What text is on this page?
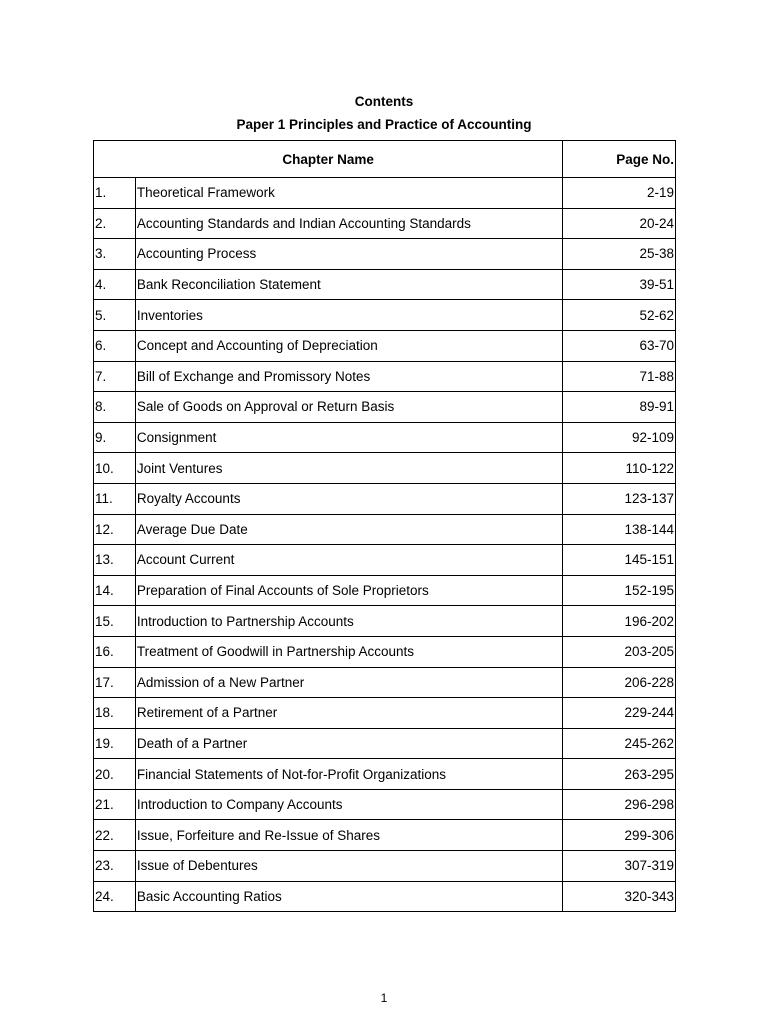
Contents
Paper 1 Principles and Practice of Accounting
Chapter Name		Page No.
1.	Theoretical Framework	2-19
2.	Accounting Standards and Indian Accounting Standards	20-24
3.	Accounting Process	25-38
4.	Bank Reconciliation Statement	39-51
5.	Inventories	52-62
6.	Concept and Accounting of Depreciation	63-70
7.	Bill of Exchange and Promissory Notes	71-88
8.	Sale of Goods on Approval or Return Basis	89-91
9.	Consignment	92-109
10.	Joint Ventures	110-122
11.	Royalty Accounts	123-137
12.	Average Due Date	138-144
13.	Account Current	145-151
14.	Preparation of Final Accounts of Sole Proprietors	152-195
15.	Introduction to Partnership Accounts	196-202
16.	Treatment of Goodwill in Partnership Accounts	203-205
17.	Admission of a New Partner	206-228
18.	Retirement of a Partner	229-244
19.	Death of a Partner	245-262
20.	Financial Statements of Not-for-Profit Organizations	263-295
21.	Introduction to Company Accounts	296-298
22.	Issue, Forfeiture and Re-Issue of Shares	299-306
23.	Issue of Debentures	307-319
24.	Basic Accounting Ratios	320-343
1
